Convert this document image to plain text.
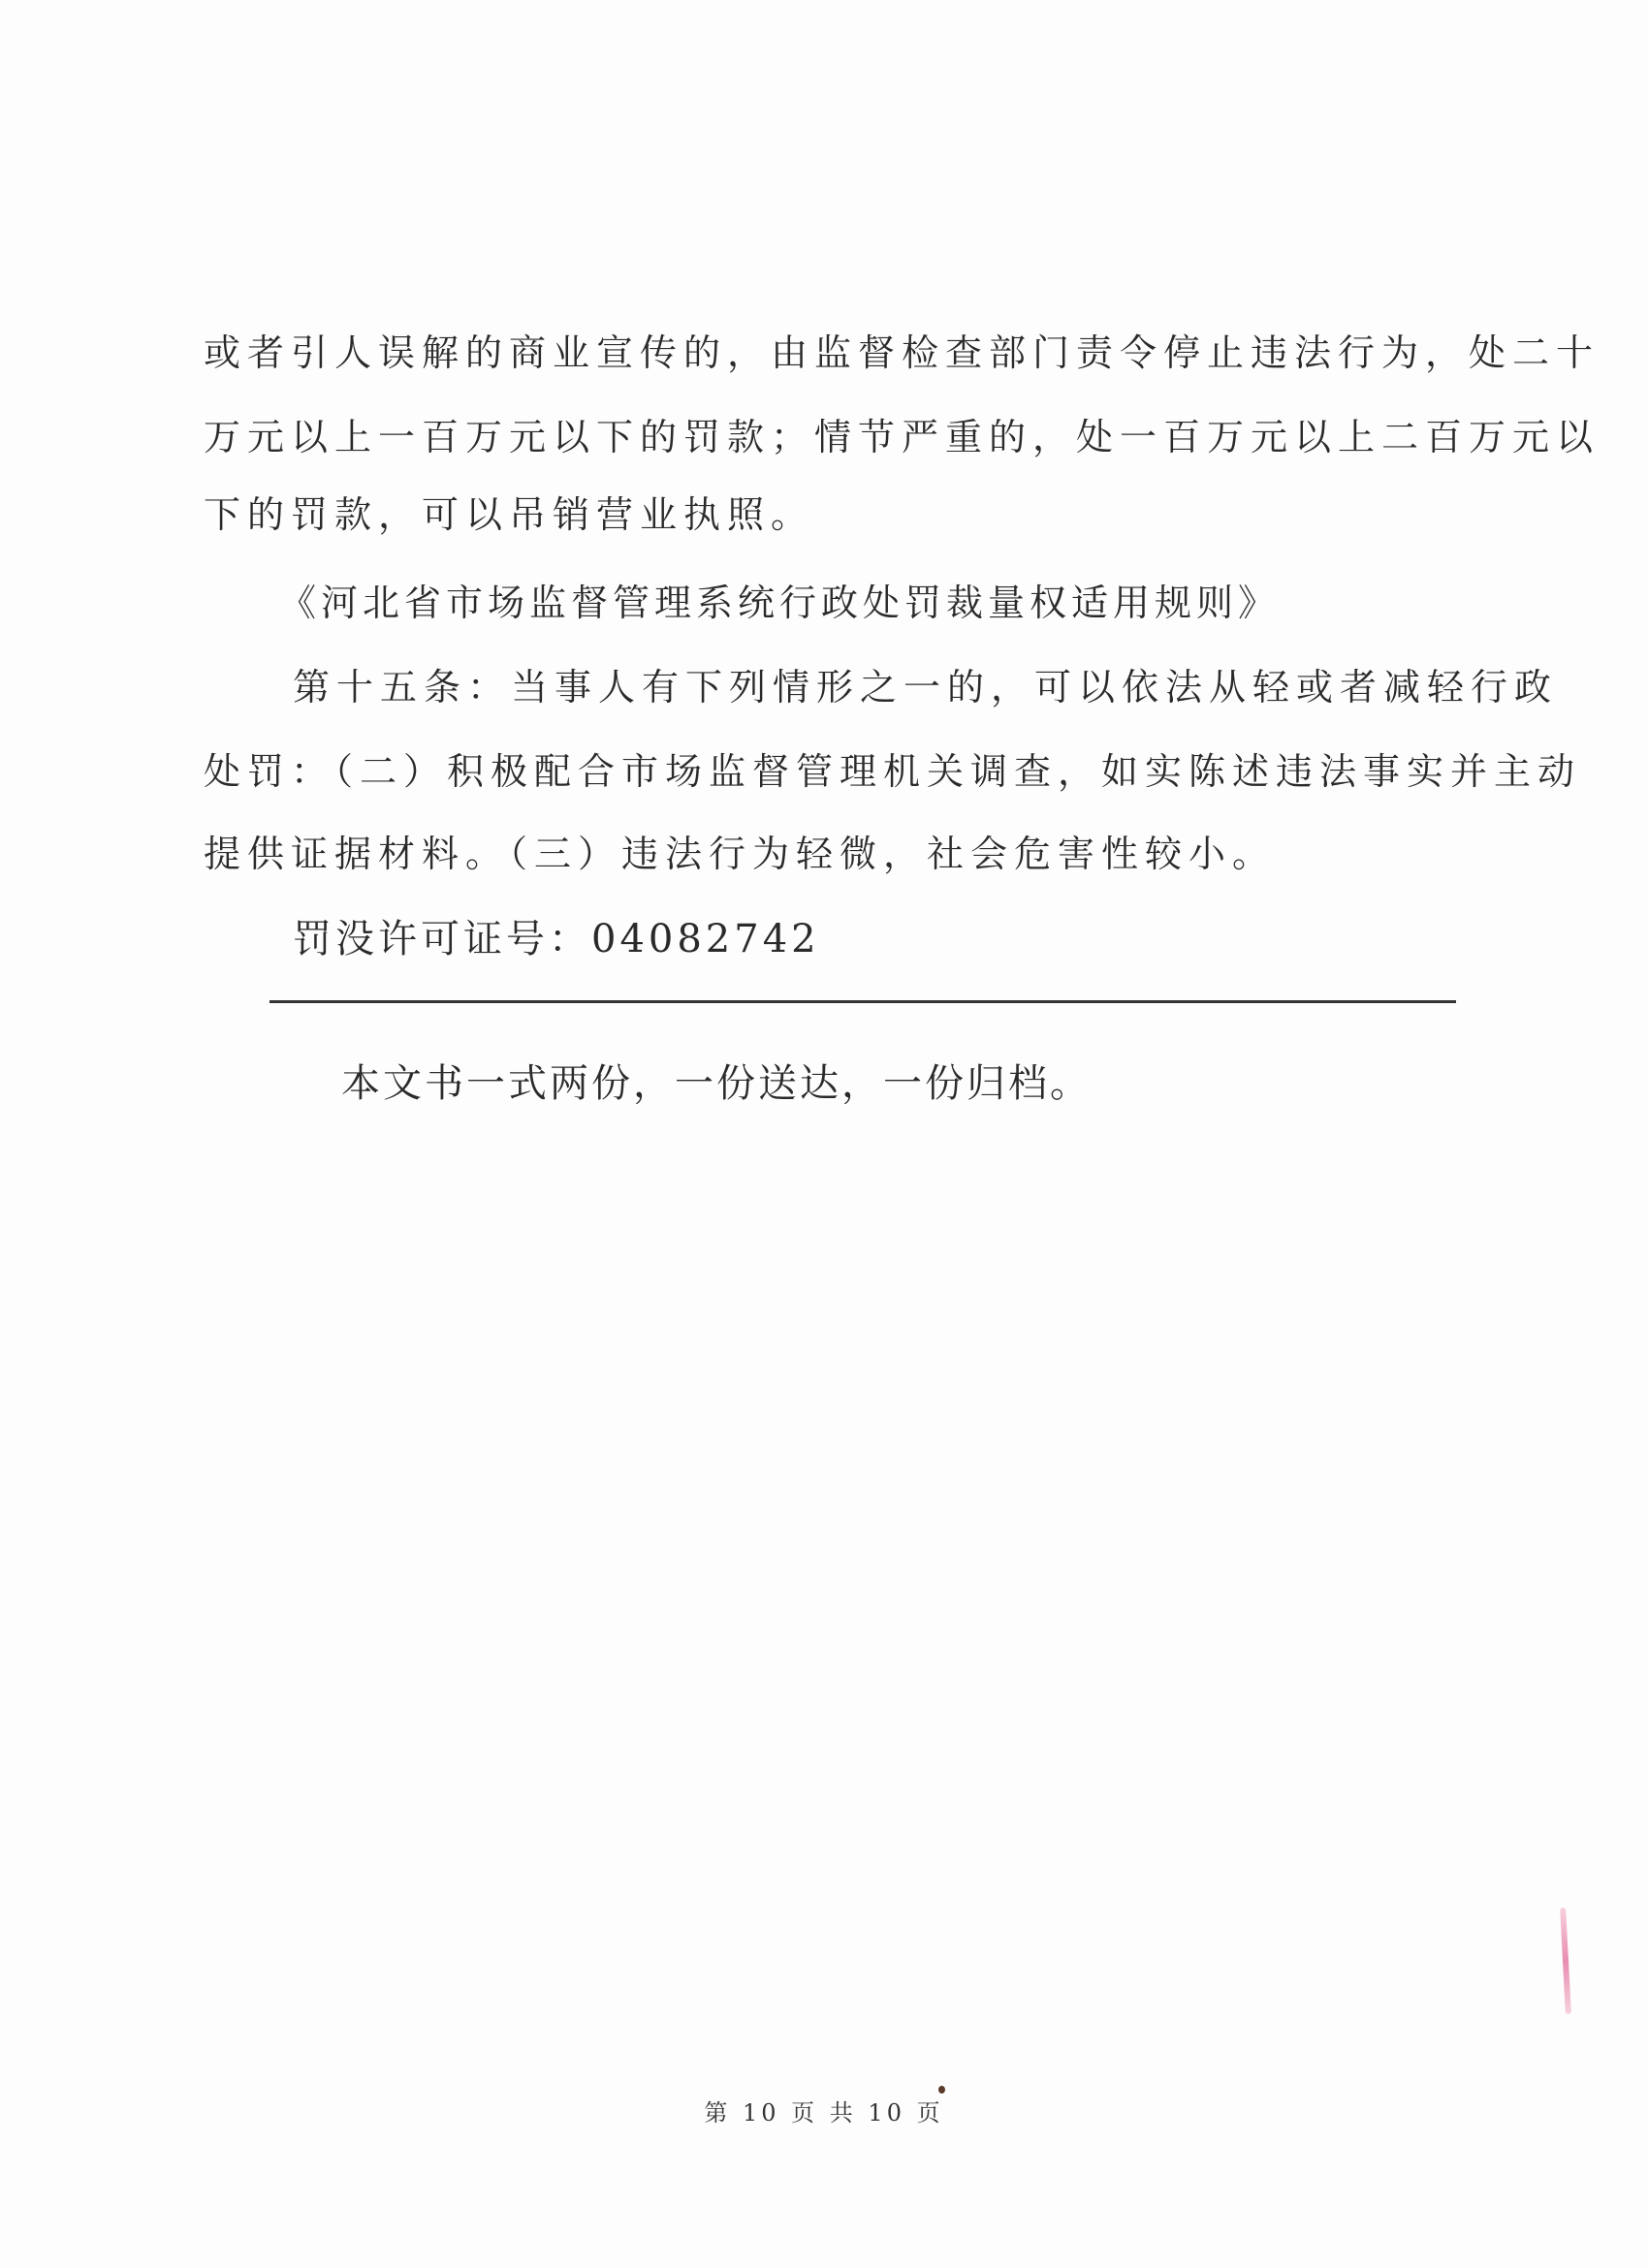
或者引人误解的商业宣传的，由监督检查部门责令停止违法行为，处二十
万元以上一百万元以下的罚款；情节严重的，处一百万元以上二百万元以
下的罚款，可以吊销营业执照。
《河北省市场监督管理系统行政处罚裁量权适用规则》
第十五条：当事人有下列情形之一的，可以依法从轻或者减轻行政
处罚：（二）积极配合市场监督管理机关调查，如实陈述违法事实并主动
提供证据材料。（三）违法行为轻微，社会危害性较小。
罚没许可证号：04082742
本文书一式两份，一份送达，一份归档。
第 10 页 共 10 页
